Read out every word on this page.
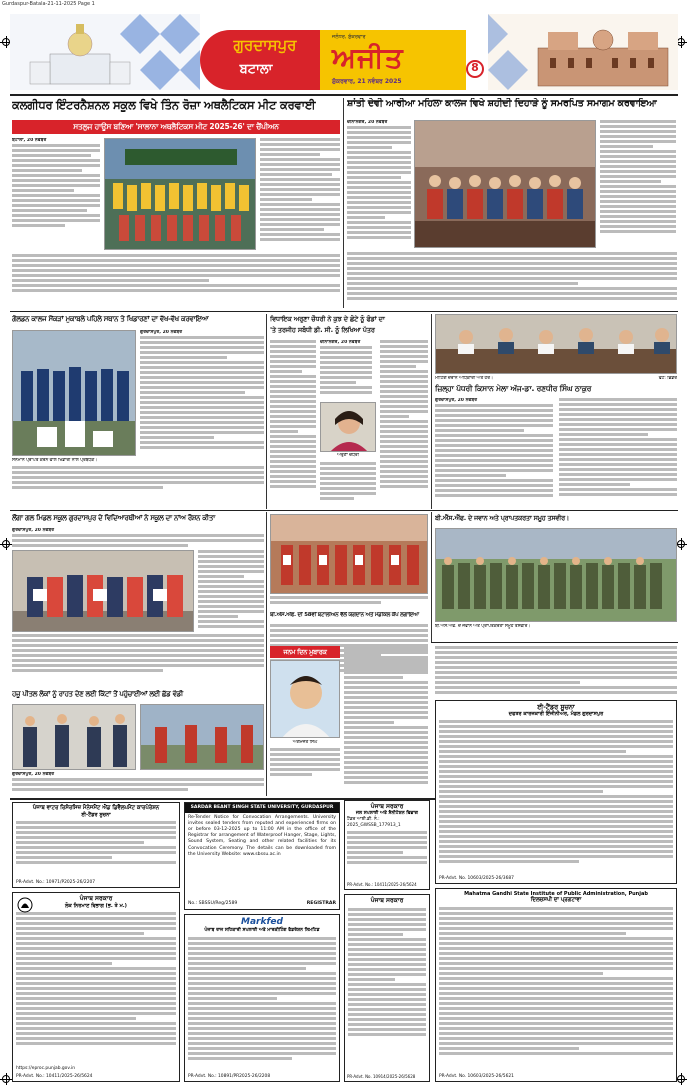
Gurdaspur-Batala-21-11-2025 Page 1
ਗੁਰਦਾਸਪੁਰ
ਬਟਾਲਾ
ਜਲੰਧਰ, ਸ਼ੁੱਕਰਵਾਰ
ਅਜੀਤ
ਸ਼ੁੱਕਰਵਾਰ, 21 ਨਵੰਬਰ 2025
8
ਕਲਗੀਧਰ ਇੰਟਰਨੈਸ਼ਨਲ ਸਕੂਲ ਵਿਖੇ ਤਿੰਨ ਰੋਜ਼ਾ ਅਥਲੈਟਿਕਸ ਮੀਟ ਕਰਵਾਈ
ਸਤਲੁਜ ਹਾਊਸ ਬਣਿਆ 'ਸਾਲਾਨਾ ਅਥਲੈਟਿਕਸ ਮੀਟ 2025-26' ਦਾ ਚੈਂਪੀਅਨ
ਬਟਾਲਾ, 20 ਨਵੰਬਰ
ਸ਼ਾਂਤੀ ਦੇਵੀ ਆਰੀਆ ਮਹਿਲਾ ਕਾਲਜ ਵਿਖੇ ਸ਼ਹੀਦੀ ਦਿਹਾੜੇ ਨੂੰ ਸਮਰਪਿਤ ਸਮਾਗਮ ਕਰਵਾਇਆ
ਦੀਨਾਨਗਰ, 20 ਨਵੰਬਰ
ਗੋਲਡਨ ਕਾਲਜ ਸੋਂਕੜਾਂ ਮੁਕਾਬਲੇ ਪਹਿਲੇ ਸਥਾਨ ਤੇ ਖਿਡਾਰਣਾਂ ਦਾ ਵੱਖ-ਵੱਖ ਕਰਵਾਇਆ
ਗੁਰਦਾਸਪੁਰ, 20 ਨਵੰਬਰ
ਸਨਮਾਨ ਪ੍ਰਾਪਤ ਕਰਨ ਵਾਲੇ ਖਿਡਾਰੀ ਨਾਲ ਪ੍ਰਬੰਧਕ।
ਵਿਧਾਇਕ ਅਰੁਣਾ ਚੌਧਰੀ ਨੇ ਕੁਝ ਦੇ ਛੋਟੇ ਨੂੰ ਫੰਡਾਂ ਦਾ
'ਤੇ ਤਰਜੀਹ ਸਬੰਧੀ ਡੀ. ਸੀ. ਨੂੰ ਲਿਖਿਆ ਪੱਤਰ
ਦੀਨਾਨਗਰ, 20 ਨਵੰਬਰ
ਅਰੁਣਾ ਚੌਧਰੀ
ਮੀਟਿੰਗ ਦੌਰਾਨ ਅਧਿਕਾਰੀ ਅਤੇ ਹੋਰ।	ਫੋਟੋ: ਭਿੰਡਰ
ਜ਼ਿਲ੍ਹਾ ਪੱਧਰੀ ਕਿਸਾਨ ਮੇਲਾ ਅੱਜ-ਡਾ. ਰਣਧੀਰ ਸਿੰਘ ਠਾਕੁਰ
ਗੁਰਦਾਸਪੁਰ, 20 ਨਵੰਬਰ
ਲੌਂਗਾ ਗਲ ਮਿਡਲ ਸਕੂਲ ਗੁਰਦਾਸਪੁਰ ਦੇ ਵਿਦਿਆਰਥੀਆਂ ਨੇ ਸਕੂਲ ਦਾ ਨਾਂਅ ਰੌਸ਼ਨ ਕੀਤਾ
ਗੁਰਦਾਸਪੁਰ, 20 ਨਵੰਬਰ
ਬੀ.ਐੱਸ.ਐੱਫ. ਦੀ 58ਵੀਂ ਬਟਾਲੀਅਨ ਵੱਲੋਂ ਯੋਗਦਾਨ ਅਤੇ ਮੈਡੀਕਲ ਕੈਂਪ ਲਗਾਇਆ
ਬੀ.ਐੱਸ.ਐੱਫ. ਦੇ ਜਵਾਨ ਅਤੇ ਪ੍ਰਾਪਤਕਰਤਾ ਸਮੂਹ ਤਸਵੀਰ।
ਬੀ.ਐੱਸ.ਐੱਫ. ਦੇ ਜਵਾਨ ਅਤੇ ਪ੍ਰਾਪਤਕਰਤਾ ਸਮੂਹ ਤਸਵੀਰ।
ਹਜ਼ੂ ਪੀਤਲ ਲੋਕਾਂ ਨੂੰ ਰਾਹਤ ਦੇਣ ਲਈ ਕਿੱਟਾਂ ਤੋਂ ਪਹੁੰਚਾਈਆਂ ਲਈ ਛੱਡ ਵੰਡੀ
ਗੁਰਦਾਸਪੁਰ, 20 ਨਵੰਬਰ
ਜਨਮ ਦਿਨ ਮੁਬਾਰਕ
ਅਗਮਜੋਤ ਸਿੰਘ
ਪੰਜਾਬ ਵਾਟਰ ਰਿਸੋਰਸਿਜ਼ ਮੈਨੇਜਮੈਂਟ ਐਂਡ ਡਿਵੈਲਪਮੈਂਟ ਕਾਰਪੋਰੇਸ਼ਨ
ਈ-ਟੈਂਡਰ ਸੂਚਨਾ
PR-Advt. No.: 10971/P2025-26/2207
SARDAR BEANT SINGH STATE UNIVERSITY, GURDASPUR
Re-Tender Notice for Convocation Arrangements. University invites sealed tenders from reputed and experienced firms on or before 03-12-2025 up to 11:00 AM in the office of the Registrar for arrangement of Waterproof Hanger, Stage, Lights, Sound System, Seating and other related facilities for its Convocation Ceremony. The details can be downloaded from the University Website: www.sbssu.ac.in
No.: SBSSU/Reg/2589	REGISTRAR
Markfed
ਪੰਜਾਬ ਰਾਜ ਸਹਿਕਾਰੀ ਸਪਲਾਈ ਅਤੇ ਮਾਰਕੀਟਿੰਗ ਫੈਡਰੇਸ਼ਨ ਲਿਮਟਿਡ
PR-Advt. No.: 10891/PR2025-26/2208
ਪੰਜਾਬ ਸਰਕਾਰ
ਲੋਕ ਨਿਰਮਾਣ ਵਿਭਾਗ (ਭ. ਤੇ ਮ.)
https://eproc.punjab.gov.in
PR-Advt. No.: 10411/2025-26/5624
ਪੰਜਾਬ ਸਰਕਾਰ
ਜਲ ਸਪਲਾਈ ਅਤੇ ਸੈਨੀਟੇਸ਼ਨ ਵਿਭਾਗ
ਟੈਂਡਰ ਆਈ.ਡੀ. ਨੰ.: 2025_GWSSB_177913_1
PR-Advt. No.: 10411/2025-26/5624
ਪੰਜਾਬ ਸਰਕਾਰ
PR-Advt. No. 10914/2025-26/5628
ਈ-ਟੈਂਡਰ ਸੂਚਨਾ
ਦਫਤਰ ਕਾਰਜਕਾਰੀ ਇੰਜੀਨੀਅਰ, ਮੰਡਲ ਗੁਰਦਾਸਪੁਰ
PR-Advt. No. 10603/2025-26/3687
Mahatma Gandhi State Institute of Public Administration, Punjab
ਦਿਲਚਸਪੀ ਦਾ ਪ੍ਰਗਟਾਵਾ
PR-Advt. No. 10603/2025-26/5621
